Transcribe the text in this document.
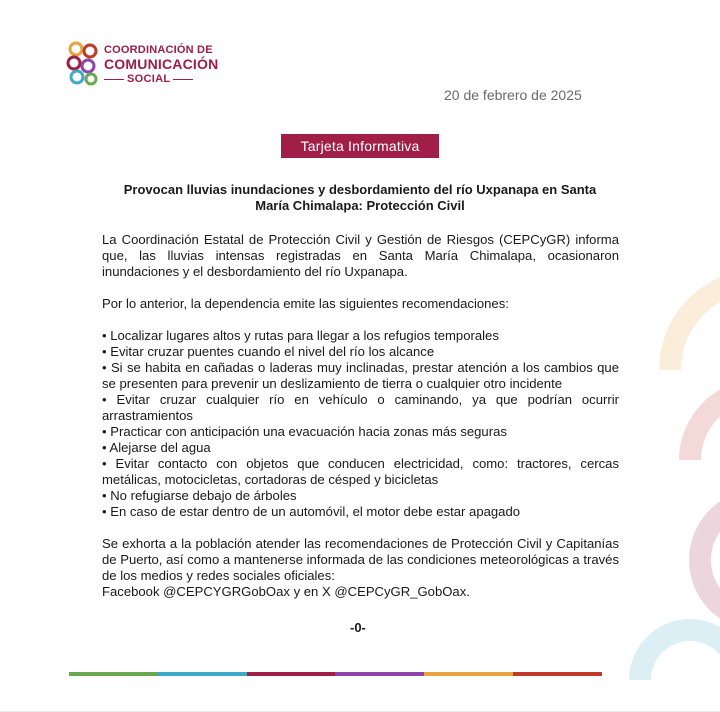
COORDINACIÓN DE
COMUNICACIÓN
SOCIAL
20 de febrero de 2025
Tarjeta Informativa
Provocan lluvias inundaciones y desbordamiento del río Uxpanapa en Santa
María Chimalapa: Protección Civil

La Coordinación Estatal de Protección Civil y Gestión de Riesgos (CEPCyGR) informa que, las lluvias intensas registradas en Santa María Chimalapa, ocasionaron inundaciones y el desbordamiento del río Uxpanapa.

Por lo anterior, la dependencia emite las siguientes recomendaciones:

• Localizar lugares altos y rutas para llegar a los refugios temporales
• Evitar cruzar puentes cuando el nivel del río los alcance
• Si se habita en cañadas o laderas muy inclinadas, prestar atención a los cambios que se presenten para prevenir un deslizamiento de tierra o cualquier otro incidente
• Evitar cruzar cualquier río en vehículo o caminando, ya que podrían ocurrir arrastramientos
• Practicar con anticipación una evacuación hacia zonas más seguras
• Alejarse del agua
• Evitar contacto con objetos que conducen electricidad, como: tractores, cercas metálicas, motocicletas, cortadoras de césped y bicicletas
• No refugiarse debajo de árboles
• En caso de estar dentro de un automóvil, el motor debe estar apagado

Se exhorta a la población atender las recomendaciones de Protección Civil y Capitanías de Puerto, así como a mantenerse informada de las condiciones meteorológicas a través de los medios y redes sociales oficiales:

Facebook @CEPCYGRGobOax y en X @CEPCyGR_GobOax.

-0-
